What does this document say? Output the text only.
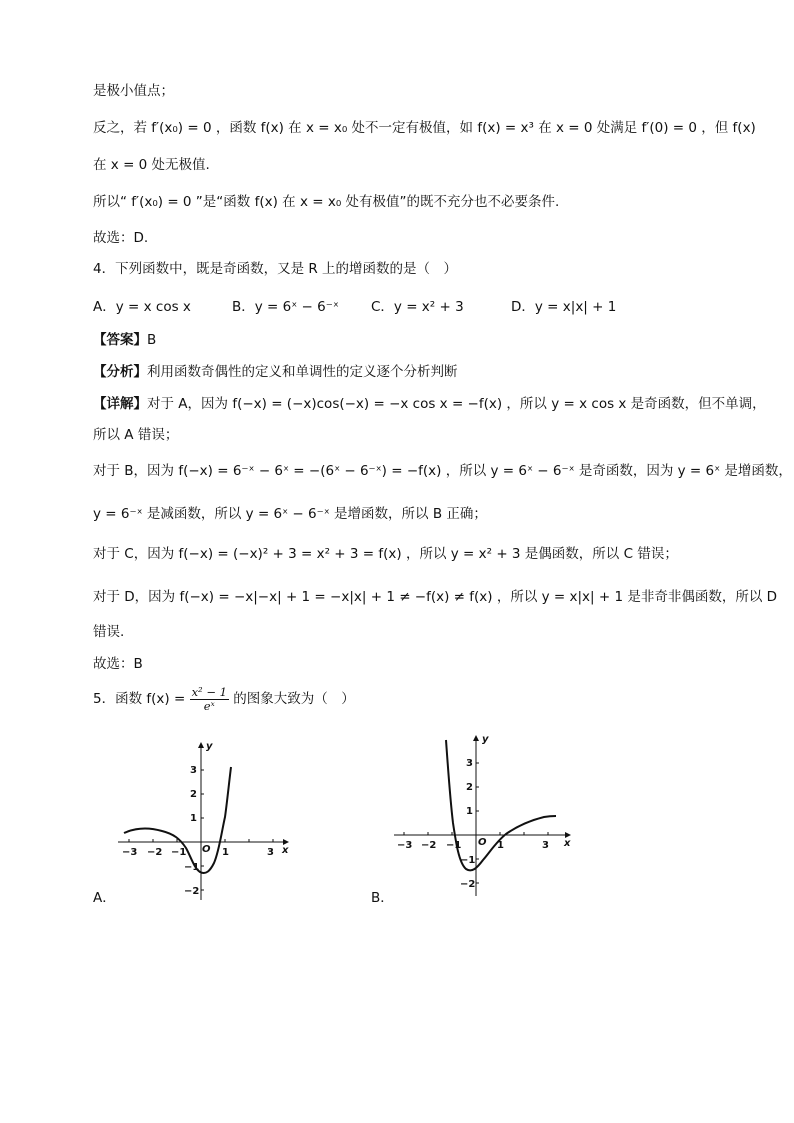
是极小值点；
反之，若 f′(x₀) = 0 ，函数 f(x) 在 x = x₀ 处不一定有极值，如 f(x) = x³ 在 x = 0 处满足 f′(0) = 0 ，但 f(x)
在 x = 0 处无极值.
所以“ f′(x₀) = 0 ”是“函数 f(x) 在 x = x₀ 处有极值”的既不充分也不必要条件.
故选：D.
4．下列函数中，既是奇函数，又是 R 上的增函数的是（　）
A．y = x cos x	B．y = 6ˣ − 6⁻ˣ C．y = x² + 3	D．y = x|x| + 1
【答案】B
【分析】利用函数奇偶性的定义和单调性的定义逐个分析判断
【详解】对于 A，因为 f(−x) = (−x)cos(−x) = −x cos x = −f(x) ，所以 y = x cos x 是奇函数，但不单调，
所以 A 错误；
对于 B，因为 f(−x) = 6⁻ˣ − 6ˣ = −(6ˣ − 6⁻ˣ) = −f(x) ，所以 y = 6ˣ − 6⁻ˣ 是奇函数，因为 y = 6ˣ 是增函数，
y = 6⁻ˣ 是减函数，所以 y = 6ˣ − 6⁻ˣ 是增函数，所以 B 正确；
对于 C，因为 f(−x) = (−x)² + 3 = x² + 3 = f(x) ，所以 y = x² + 3 是偶函数，所以 C 错误；
对于 D，因为 f(−x) = −x|−x| + 1 = −x|x| + 1 ≠ −f(x) ≠ f(x) ，所以 y = x|x| + 1 是非奇非偶函数，所以 D
错误.
故选：B
5．函数 $f(x) = \frac{\text{x² − 1}}{\text{eˣ}}$ 的图象大致为（　）
−3 −2 −1	1	3
3
2
1
−1
−2
O	x
y
A．
−3 −2 −1	1	3
3
2
1
−1
−2
O	x
y
B．
